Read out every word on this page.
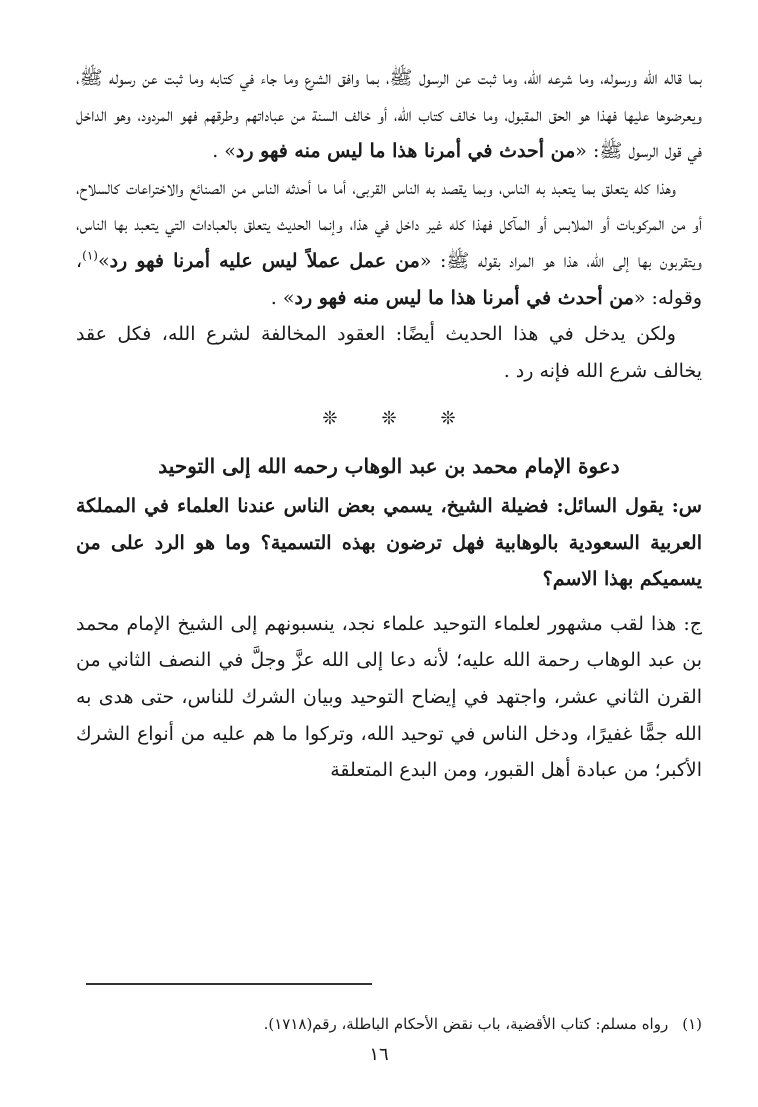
بما قاله الله ورسوله، وما شرعه الله، وما ثبت عن الرسول ﷺ، بما وافق الشرع وما جاء في كتابه وما ثبت عن رسوله ﷺ، ويعرضوها عليها فهذا هو الحق المقبول، وما خالف كتاب الله، أو خالف السنة من عباداتهم وطرقهم فهو المردود، وهو الداخل في قول الرسول ﷺ: «من أحدث في أمرنا هذا ما ليس منه فهو رد» .

وهذا كله يتعلق بما يتعبد به الناس، وبما يقصد به الناس القربى، أما ما أحدثه الناس من الصنائع والاختراعات كالسلاح، أو من المركوبات أو الملابس أو المآكل فهذا كله غير داخل في هذا، وإنما الحديث يتعلق بالعبادات التي يتعبد بها الناس، ويتقربون بها إلى الله، هذا هو المراد بقوله ﷺ: «من عمل عملاً ليس عليه أمرنا فهو رد»$^{(١)}$، وقوله: «من أحدث في أمرنا هذا ما ليس منه فهو رد» .

ولكن يدخل في هذا الحديث أيضًا: العقود المخالفة لشرع الله، فكل عقد يخالف شرع الله فإنه رد .

❊❊❊
دعوة الإمام محمد بن عبد الوهاب رحمه الله إلى التوحيد

س: يقول السائل: فضيلة الشيخ، يسمي بعض الناس عندنا العلماء في المملكة العربية السعودية بالوهابية فهل ترضون بهذه التسمية؟ وما هو الرد على من يسميكم بهذا الاسم؟

ج: هذا لقب مشهور لعلماء التوحيد علماء نجد، ينسبونهم إلى الشيخ الإمام محمد بن عبد الوهاب رحمة الله عليه؛ لأنه دعا إلى الله عزَّ وجلَّ في النصف الثاني من القرن الثاني عشر، واجتهد في إيضاح التوحيد وبيان الشرك للناس، حتى هدى به الله جمًّا غفيرًا، ودخل الناس في توحيد الله، وتركوا ما هم عليه من أنواع الشرك الأكبر؛ من عبادة أهل القبور، ومن البدع المتعلقة

(١)رواه مسلم: كتاب الأقضية، باب نقض الأحكام الباطلة، رقم(١٧١٨).
١٦
